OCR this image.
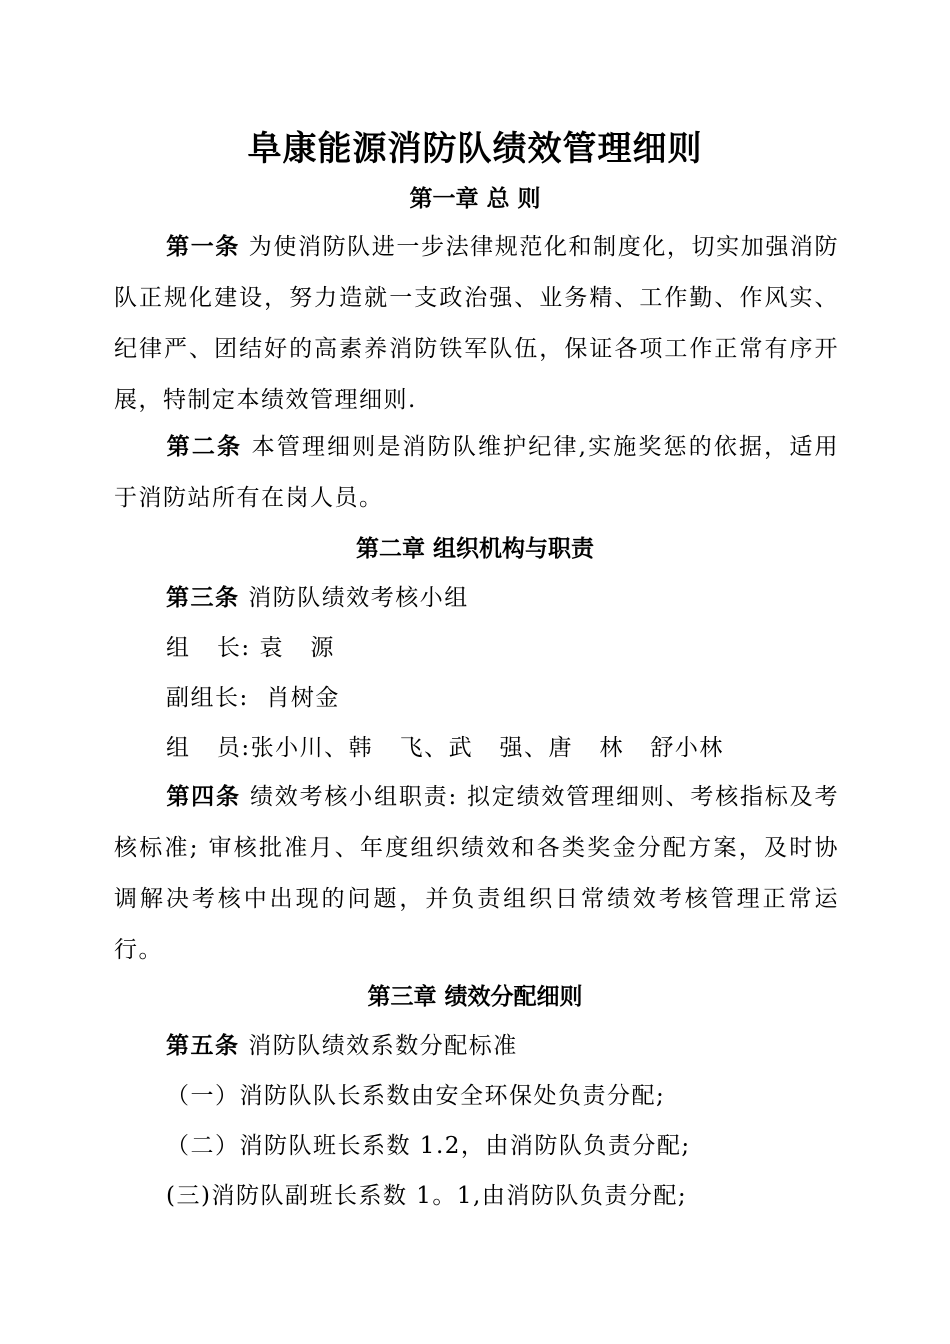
阜康能源消防队绩效管理细则
第一章 总 则
第一条 为使消防队进一步法律规范化和制度化，切实加强消防队正规化建设，努力造就一支政治强、业务精、工作勤、作风实、纪律严、团结好的高素养消防铁军队伍，保证各项工作正常有序开展，特制定本绩效管理细则.
第二条 本管理细则是消防队维护纪律,实施奖惩的依据，适用于消防站所有在岗人员。
第二章 组织机构与职责
第三条 消防队绩效考核小组
组   长: 袁   源
副组长:  肖树金
组   员:张小川、韩   飞、武   强、唐   林   舒小林
第四条 绩效考核小组职责: 拟定绩效管理细则、考核指标及考核标准; 审核批准月、年度组织绩效和各类奖金分配方案，及时协调解决考核中出现的问题，并负责组织日常绩效考核管理正常运行。
第三章 绩效分配细则
第五条 消防队绩效系数分配标准
（一）消防队队长系数由安全环保处负责分配;
（二）消防队班长系数 1.2，由消防队负责分配;
(三)消防队副班长系数 1。1,由消防队负责分配;
